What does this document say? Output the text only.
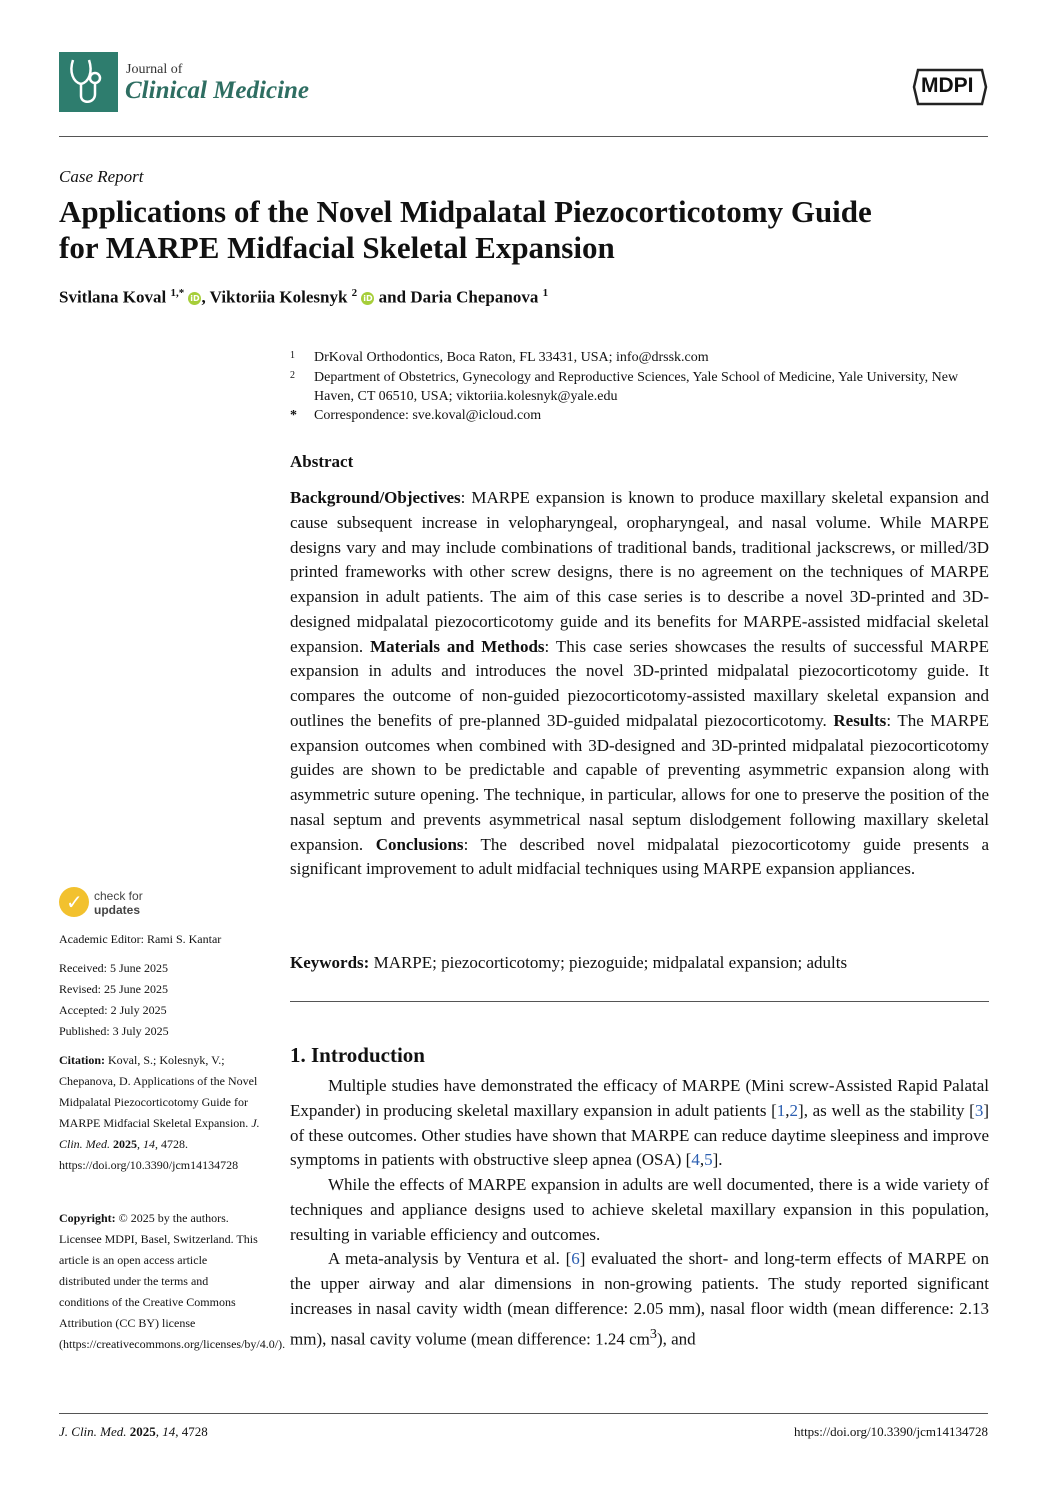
Journal of
Clinical Medicine	MDPI
Case Report
Applications of the Novel Midpalatal Piezocorticotomy Guide
for MARPE Midfacial Skeletal Expansion
Svitlana Koval $^{1,*}$ iD , Viktoriia Kolesnyk $^2$ iD and Daria Chepanova $^1$
1 DrKoval Orthodontics, Boca Raton, FL 33431, USA; info@drssk.com
2 Department of Obstetrics, Gynecology and Reproductive Sciences, Yale School of Medicine, Yale University, New Haven, CT 06510, USA; viktoriia.kolesnyk@yale.edu
* Correspondence: sve.koval@icloud.com
Abstract
Background/Objectives: MARPE expansion is known to produce maxillary skeletal expansion and cause subsequent increase in velopharyngeal, oropharyngeal, and nasal volume. While MARPE designs vary and may include combinations of traditional bands, traditional jackscrews, or milled/3D printed frameworks with other screw designs, there is no agreement on the techniques of MARPE expansion in adult patients. The aim of this case series is to describe a novel 3D-printed and 3D-designed midpalatal piezocorticotomy guide and its benefits for MARPE-assisted midfacial skeletal expansion. Materials and Methods: This case series showcases the results of successful MARPE expansion in adults and introduces the novel 3D-printed midpalatal piezocorticotomy guide. It compares the outcome of non-guided piezocorticotomy-assisted maxillary skeletal expansion and outlines the benefits of pre-planned 3D-guided midpalatal piezocorticotomy. Results: The MARPE expansion outcomes when combined with 3D-designed and 3D-printed midpalatal piezocorticotomy guides are shown to be predictable and capable of preventing asymmetric expansion along with asymmetric suture opening. The technique, in particular, allows for one to preserve the position of the nasal septum and prevents asymmetrical nasal septum dislodgement following maxillary skeletal expansion. Conclusions: The described novel midpalatal piezocorticotomy guide presents a significant improvement to adult midfacial techniques using MARPE expansion appliances.
Keywords: MARPE; piezocorticotomy; piezoguide; midpalatal expansion; adults
1. Introduction

Multiple studies have demonstrated the efficacy of MARPE (Mini screw-Assisted Rapid Palatal Expander) in producing skeletal maxillary expansion in adult patients [1,2], as well as the stability [3] of these outcomes. Other studies have shown that MARPE can reduce daytime sleepiness and improve symptoms in patients with obstructive sleep apnea (OSA) [4,5].

While the effects of MARPE expansion in adults are well documented, there is a wide variety of techniques and appliance designs used to achieve skeletal maxillary expansion in this population, resulting in variable efficiency and outcomes.

A meta-analysis by Ventura et al. [6] evaluated the short- and long-term effects of MARPE on the upper airway and alar dimensions in non-growing patients. The study reported significant increases in nasal cavity width (mean difference: 2.05 mm), nasal floor width (mean difference: 2.13 mm), nasal cavity volume (mean difference: 1.24 $cm^3$), and

✓ check for
updates
Academic Editor: Rami S. Kantar
Received: 5 June 2025
Revised: 25 June 2025
Accepted: 2 July 2025
Published: 3 July 2025
Citation: Koval, S.; Kolesnyk, V.; Chepanova, D. Applications of the Novel Midpalatal Piezocorticotomy Guide for MARPE Midfacial Skeletal Expansion. J. Clin. Med. 2025, 14, 4728. https://doi.org/10.3390/jcm14134728
Copyright: © 2025 by the authors. Licensee MDPI, Basel, Switzerland. This article is an open access article distributed under the terms and conditions of the Creative Commons Attribution (CC BY) license (https://creativecommons.org/licenses/by/4.0/).
J. Clin. Med. 2025, 14, 4728	https://doi.org/10.3390/jcm14134728
